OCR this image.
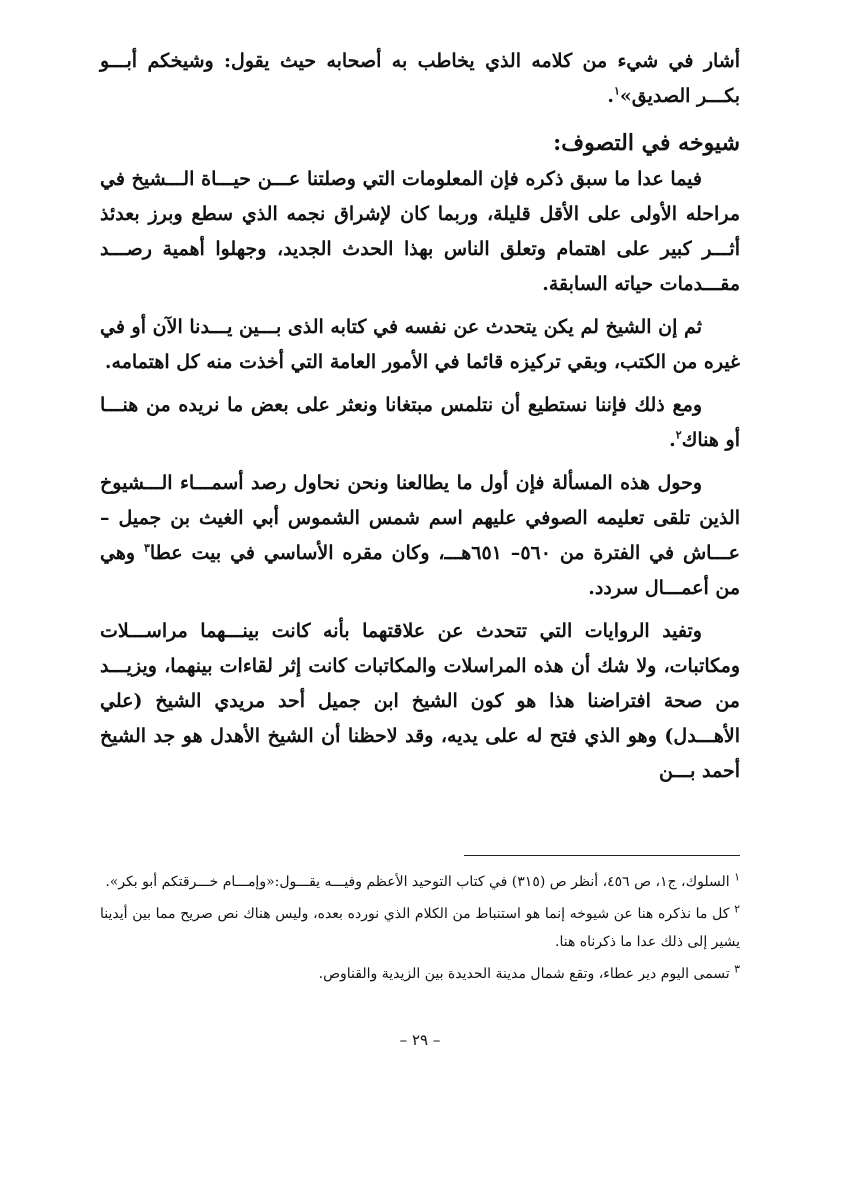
أشار في شيء من كلامه الذي يخاطب به أصحابه حيث يقول: وشيخكم أبـــو بكـــر الصديق»$^١$.

شيوخه في التصوف:

فيما عدا ما سبق ذكره فإن المعلومات التي وصلتنا عـــن حيـــاة الـــشيخ في مراحله الأولى على الأقل قليلة، وربما كان لإشراق نجمه الذي سطع وبرز بعدئذ أثـــر كبير على اهتمام وتعلق الناس بهذا الحدث الجديد، وجهلوا أهمية رصـــد مقـــدمات حياته السابقة.

ثم إن الشيخ لم يكن يتحدث عن نفسه في كتابه الذى بـــين يـــدنا الآن أو في غيره من الكتب، وبقي تركيزه قائما في الأمور العامة التي أخذت منه كل اهتمامه.

ومع ذلك فإننا نستطيع أن نتلمس مبتغانا ونعثر على بعض ما نريده من هنـــا أو هناك$^٢$.

وحول هذه المسألة فإن أول ما يطالعنا ونحن نحاول رصد أسمـــاء الـــشيوخ الذين تلقى تعليمه الصوفي عليهم اسم شمس الشموس أبي الغيث بن جميل –عـــاش في الفترة من ٥٦٠– ٦٥١هـــ، وكان مقره الأساسي في بيت عطا$^٣$ وهي من أعمـــال سردد.

وتفيد الروايات التي تتحدث عن علاقتهما بأنه كانت بينـــهما مراســـلات ومكاتبات، ولا شك أن هذه المراسلات والمكاتبات كانت إثر لقاءات بينهما، ويزيـــد من صحة افتراضنا هذا هو كون الشيخ ابن جميل أحد مريدي الشيخ (علي الأهـــدل) وهو الذي فتح له على يديه، وقد لاحظنا أن الشيخ الأهدل هو جد الشيخ أحمد بـــن

$^١$ السلوك، ج١، ص ٤٥٦، أنظر ص (٣١٥) في كتاب التوحيد الأعظم وفيـــه يقـــول:«وإمـــام خـــرقتكم أبو بكر».

$^٢$ كل ما نذكره هنا عن شيوخه إنما هو استنباط من الكلام الذي نورده بعده، وليس هناك نص صريح مما بين أيدينا يشير إلى ذلك عدا ما ذكرناه هنا.

$^٣$ تسمى اليوم دير عطاء، وتقع شمال مدينة الحديدة بين الزيدية والقناوص.

– ٢٩ –
